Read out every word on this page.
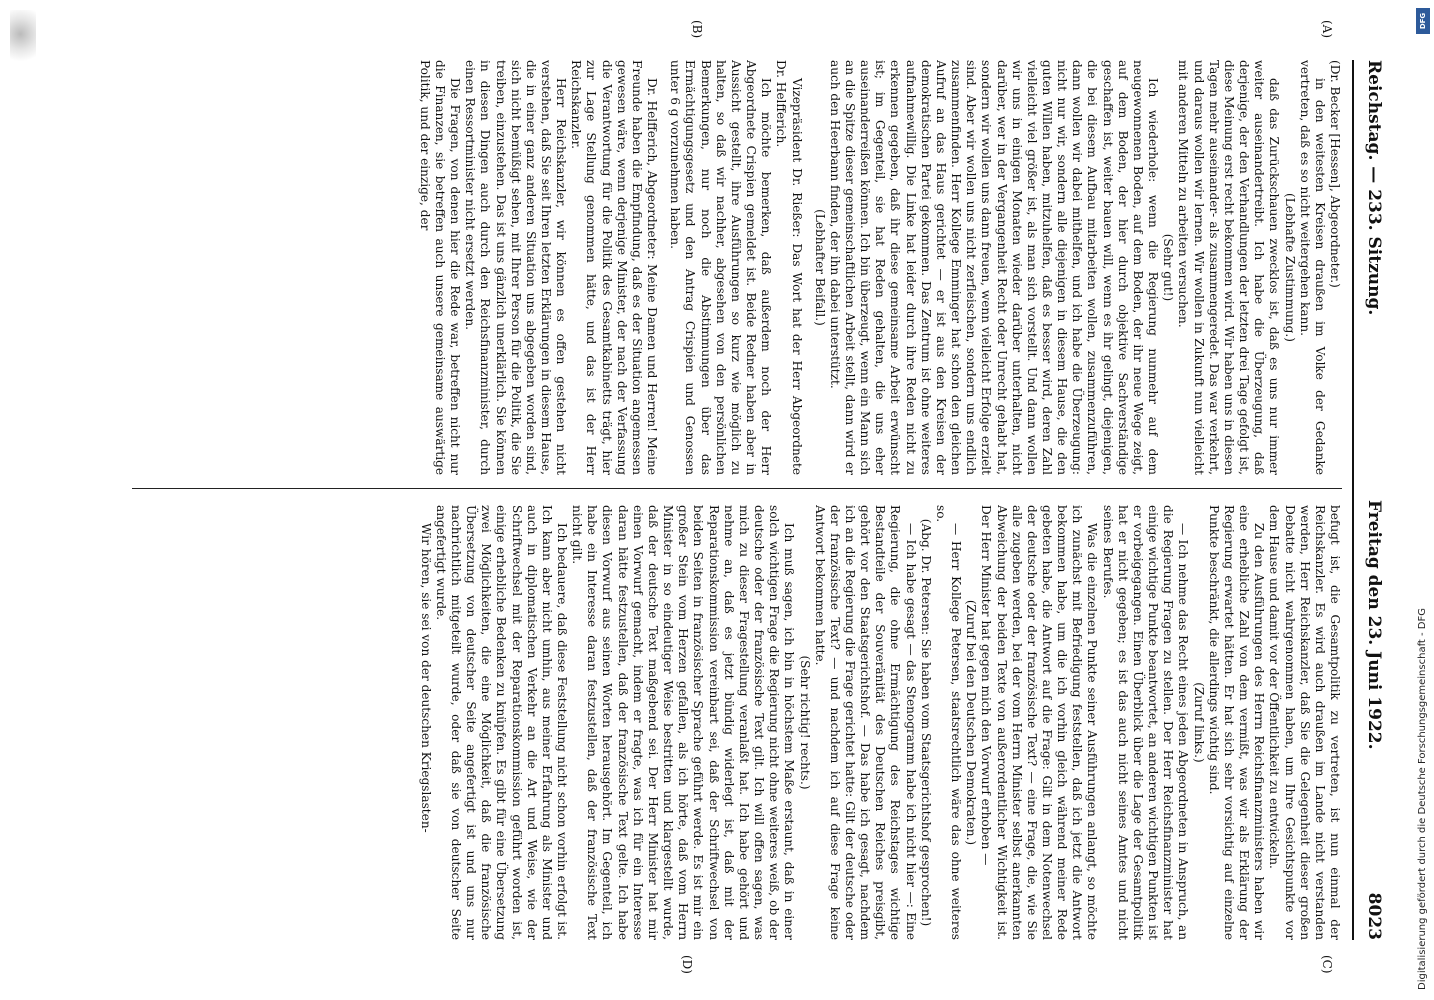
Reichstag. — 233. Sitzung.
Freitag den 23. Juni 1922.
8023
(A)
(B)
(C)
(D)

(Dr. Becker [Hessen], Abgeordneter.)

in den weitesten Kreisen draußen im Volke der Gedanke vertreten, daß es so nicht weitergehen kann.

(Lebhafte Zustimmung.)

daß das Zurückschauen zwecklos ist, daß es uns nur immer weiter auseinandertreibt. Ich habe die Überzeugung, daß derjenige, der den Verhandlungen der letzten drei Tage gefolgt ist, diese Meinung erst recht bekommen wird. Wir haben uns in diesen Tagen mehr auseinander- als zusammengeredet. Das war verkehrt, und daraus wollen wir lernen. Wir wollen in Zukunft nun vielleicht mit anderen Mitteln zu arbeiten versuchen.

(Sehr gut!)

Ich wiederhole: wenn die Regierung nunmehr auf dem neugewonnenen Boden, auf dem Boden, der ihr neue Wege zeigt, auf dem Boden, der hier durch objektive Sachverständige geschaffen ist, weiter bauen will, wenn es ihr gelingt, diejenigen, die bei diesem Aufbau mitarbeiten wollen, zusammenzuführen, dann wollen wir dabei mithelfen, und ich habe die Überzeugung: nicht nur wir, sondern alle diejenigen in diesem Hause, die den guten Willen haben, mitzuhelfen, daß es besser wird, deren Zahl vielleicht viel größer ist, als man sich vorstellt. Und dann wollen wir uns in einigen Monaten wieder darüber unterhalten, nicht darüber, wer in der Vergangenheit Recht oder Unrecht gehabt hat, sondern wir wollen uns dann freuen, wenn vielleicht Erfolge erzielt sind. Aber wir wollen uns nicht zerfleischen, sondern uns endlich zusammenfinden. Herr Kollege Emminger hat schon den gleichen Aufruf an das Haus gerichtet — er ist aus den Kreisen der demokratischen Partei gekommen. Das Zentrum ist ohne weiteres aufnahmewillig. Die Linke hat leider durch ihre Reden nicht zu erkennen gegeben, daß ihr diese gemeinsame Arbeit erwünscht ist; im Gegenteil, sie hat Reden gehalten, die uns eher auseinanderreißen können. Ich bin überzeugt, wenn ein Mann sich an die Spitze dieser gemeinschaftlichen Arbeit stellt, dann wird er auch den Heerbann finden, der ihn dabei unterstützt.

(Lebhafter Beifall.)

Vizepräsident Dr. Rießer: Das Wort hat der Herr Abgeordnete Dr. Helfferich.

Ich möchte bemerken, daß außerdem noch der Herr Abgeordnete Crispien gemeldet ist. Beide Redner haben aber in Aussicht gestellt, ihre Ausführungen so kurz wie möglich zu halten, so daß wir nachher, abgesehen von den persönlichen Bemerkungen, nur noch die Abstimmungen über das Ermächtigungsgesetz und den Antrag Crispien und Genossen unter 6 g vorzunehmen haben.

Dr. Helfferich, Abgeordneter: Meine Damen und Herren! Meine Freunde haben die Empfindung, daß es der Situation angemessen gewesen wäre, wenn derjenige Minister, der nach der Verfassung die Verantwortung für die Politik des Gesamtkabinetts trägt, hier zur Lage Stellung genommen hätte, und das ist der Herr Reichskanzler.

Herr Reichskanzler, wir können es offen gestehen nicht verstehen, daß Sie seit Ihren letzten Erklärungen in diesem Hause, die in einer ganz anderen Situation uns abgegeben worden sind, sich nicht bemüßigt sehen, mit Ihrer Person für die Politik, die Sie treiben, einzustehen. Das ist uns gänzlich unerklärlich. Sie können in diesen Dingen auch durch den Reichsfinanzminister, durch einen Ressortminister nicht ersetzt werden.

Die Fragen, von denen hier die Rede war, betreffen nicht nur die Finanzen, sie betreffen auch unsere gemeinsame auswärtige Politik, und der einzige, der

befugt ist, die Gesamtpolitik zu vertreten, ist nun einmal der Reichskanzler. Es wird auch draußen im Lande nicht verstanden werden, Herr Reichskanzler, daß Sie die Gelegenheit dieser großen Debatte nicht wahrgenommen haben, um Ihre Gesichtspunkte vor dem Hause und damit vor der Öffentlichkeit zu entwickeln.

Zu den Ausführungen des Herrn Reichsfinanzministers haben wir eine erhebliche Zahl von dem vermißt, was wir als Erklärung der Regierung erwartet hätten. Er hat sich sehr vorsichtig auf einzelne Punkte beschränkt, die allerdings wichtig sind.

(Zuruf links.)

— Ich nehme das Recht eines jeden Abgeordneten in Anspruch, an die Regierung Fragen zu stellen. Der Herr Reichsfinanzminister hat einige wichtige Punkte beantwortet, an anderen wichtigen Punkten ist er vorbeigegangen. Einen Überblick über die Lage der Gesamtpolitik hat er nicht gegeben; es ist das auch nicht seines Amtes und nicht seines Berufes.

Was die einzelnen Punkte seiner Ausführungen anlangt, so möchte ich zunächst mit Befriedigung feststellen, daß ich jetzt die Antwort bekommen habe, um die ich vorhin gleich während meiner Rede gebeten habe, die Antwort auf die Frage: Gilt in dem Notenwechsel der deutsche oder der französische Text? — eine Frage, die, wie Sie alle zugeben werden, bei der vom Herrn Minister selbst anerkannten Abweichung der beiden Texte von außerordentlicher Wichtigkeit ist. Der Herr Minister hat gegen mich den Vorwurf erhoben —

(Zuruf bei den Deutschen Demokraten.)

— Herr Kollege Petersen, staatsrechtlich wäre das ohne weiteres so.

(Abg. Dr. Petersen: Sie haben vom Staatsgerichtshof gesprochen!)

— Ich habe gesagt — das Stenogramm habe ich nicht hier —: Eine Regierung, die ohne Ermächtigung des Reichstages wichtige Bestandteile der Souveränität des Deutschen Reiches preisgibt, gehört vor den Staatsgerichtshof. — Das habe ich gesagt, nachdem ich an die Regierung die Frage gerichtet hatte: Gilt der deutsche oder der französische Text? — und nachdem ich auf diese Frage keine Antwort bekommen hatte.

(Sehr richtig! rechts.)

Ich muß sagen, ich bin in höchstem Maße erstaunt, daß in einer solch wichtigen Frage die Regierung nicht ohne weiteres weiß, ob der deutsche oder der französische Text gilt. Ich will offen sagen, was mich zu dieser Fragestellung veranlaßt hat. Ich habe gehört und nehme an, daß es jetzt bündig widerlegt ist, daß mit der Reparationskommission vereinbart sei, daß der Schriftwechsel von beiden Seiten in französischer Sprache geführt werde. Es ist mir ein großer Stein vom Herzen gefallen, als ich hörte, daß vom Herrn Minister in so eindeutiger Weise bestritten und klargestellt wurde, daß der deutsche Text maßgebend sei. Der Herr Minister hat mir einen Vorwurf gemacht, indem er fragte, was ich für ein Interesse daran hätte festzustellen, daß der französische Text gelte. Ich habe diesen Vorwurf aus seinen Worten herausgehört. Im Gegenteil, ich habe ein Interesse daran festzustellen, daß der französische Text nicht gilt.

Ich bedauere, daß diese Feststellung nicht schon vorhin erfolgt ist. Ich kann aber nicht umhin, aus meiner Erfahrung als Minister und auch in diplomatischen Verkehr an die Art und Weise, wie der Schriftwechsel mit der Reparationskommission geführt worden ist, einige erhebliche Bedenken zu knüpfen. Es gibt für eine Übersetzung zwei Möglichkeiten, die eine Möglichkeit, daß die französische Übersetzung von deutscher Seite angefertigt ist und uns nur nachrichtlich mitgeteilt wurde, oder daß sie von deutscher Seite angefertigt wurde.

Wir hören, sie sei von der deutschen Kriegslasten-

DFG
Digitalisierung gefördert durch die Deutsche Forschungsgemeinschaft - DFG
